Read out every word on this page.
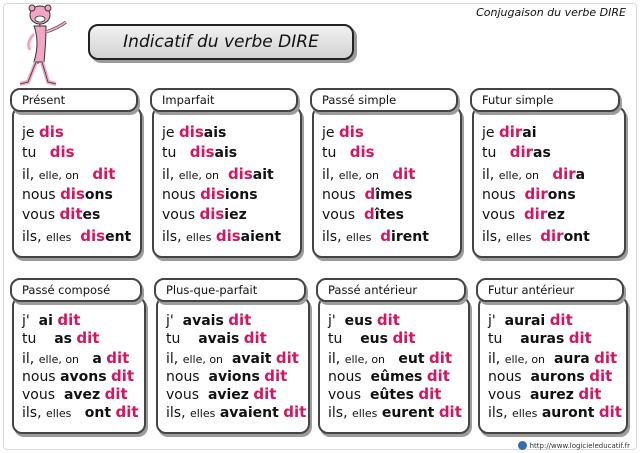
Conjugaison du verbe DIRE
Indicatif du verbe DIRE
je dis
tu dis
il, elle, on dit
nous disons
vous dites
ils, elles disent
Présent
je disais
tu disais
il, elle, on disait
nous disions
vous disiez
ils, elles disaient
Imparfait
je dis
tu dis
il, elle, on dit
nous dîmes
vous dîtes
ils, elles dirent
Passé simple
je dirai
tu diras
il, elle, on dira
nous dirons
vous direz
ils, elles diront
Futur simple
j' ai dit
tu as dit
il, elle, on a dit
nous avons dit
vous avez dit
ils, elles ont dit
Passé composé
j' avais dit
tu avais dit
il, elle, on avait dit
nous avions dit
vous aviez dit
ils, elles avaient dit
Plus-que-parfait
j' eus dit
tu eus dit
il, elle, on eut dit
nous eûmes dit
vous eûtes dit
ils, elles eurent dit
Passé antérieur
j' aurai dit
tu auras dit
il, elle, on aura dit
nous aurons dit
vous aurez dit
ils, elles auront dit
Futur antérieur
http://www.logicieleducatif.fr
